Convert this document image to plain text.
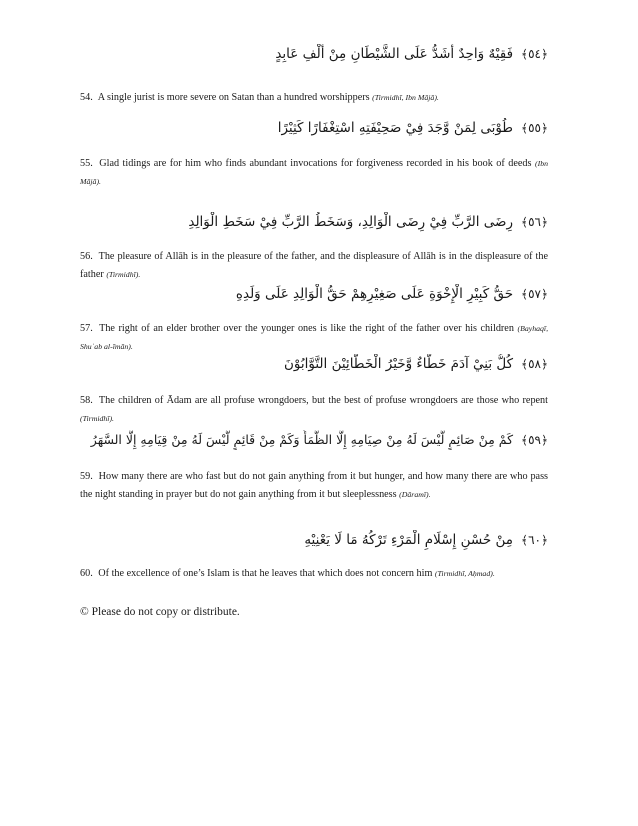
﴿٥٤﴾فَقِيْهٌ وَاحِدٌ أَشَدُّ عَلَى الشَّيْطَانِ مِنْ أَلْفِ عَابِدٍ
54. A single jurist is more severe on Satan than a hundred worshippers (Tirmidhī, Ibn Mājā).
﴿٥٥﴾طُوْبَى لِمَنْ وَّجَدَ فِيْ صَحِيْفَتِهِ اسْتِغْفَارًا كَثِيْرًا
55. Glad tidings are for him who finds abundant invocations for forgiveness recorded in his book of deeds (Ibn Mājā).
﴿٥٦﴾رِضَى الرَّبِّ فِيْ رِضَى الْوَالِدِ، وَسَخَطُ الرَّبِّ فِيْ سَخَطِ الْوَالِدِ
56. The pleasure of Allāh is in the pleasure of the father, and the displeasure of Allāh is in the displeasure of the father (Tirmidhī).
﴿٥٧﴾حَقُّ كَبِيْرِ الْإِخْوَةِ عَلَى صَغِيْرِهِمْ حَقُّ الْوَالِدِ عَلَى وَلَدِهِ
57. The right of an elder brother over the younger ones is like the right of the father over his children (Bayhaqī, Shuʿab al-īmān).
﴿٥٨﴾كُلُّ بَنِيْ آدَمَ خَطَّاءٌ وَّخَيْرُ الْخَطَّائِيْنَ التَّوَّابُوْنَ
58. The children of Ādam are all profuse wrongdoers, but the best of profuse wrongdoers are those who repent (Tirmidhī).
﴿٥٩﴾كَمْ مِنْ صَائِمٍ لَّيْسَ لَهُ مِنْ صِيَامِهِ إِلَّا الظَّمَأُ وَكَمْ مِنْ قَائِمٍ لَّيْسَ لَهُ مِنْ قِيَامِهِ إِلَّا السَّهَرُ
59. How many there are who fast but do not gain anything from it but hunger, and how many there are who pass the night standing in prayer but do not gain anything from it but sleeplessness (Dāramī).
﴿٦٠﴾مِنْ حُسْنِ إِسْلَامِ الْمَرْءِ تَرْكُهُ مَا لَا يَعْنِيْهِ
60. Of the excellence of one’s Islam is that he leaves that which does not concern him (Tirmidhī, Aḥmad).
© Please do not copy or distribute.
